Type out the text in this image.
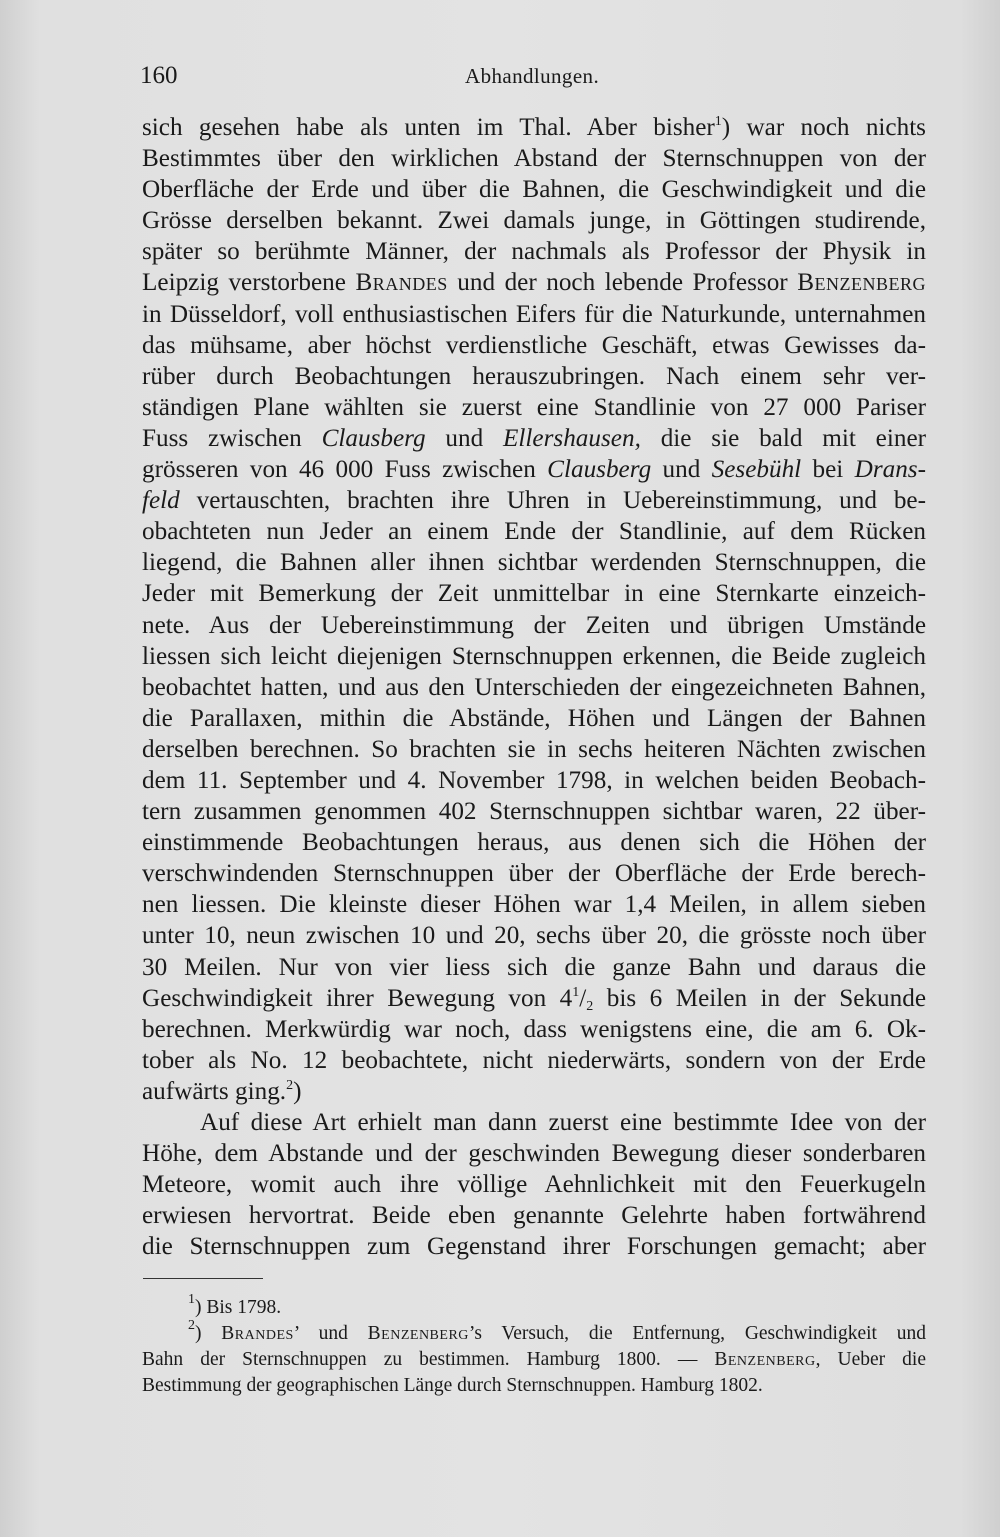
160	Abhandlungen.
sich gesehen habe als unten im Thal. Aber bisher$^1$) war noch nichts
Bestimmtes über den wirklichen Abstand der Sternschnuppen von der
Oberfläche der Erde und über die Bahnen, die Geschwindigkeit und die
Grösse derselben bekannt. Zwei damals junge, in Göttingen studirende,
später so berühmte Männer, der nachmals als Professor der Physik in
Leipzig verstorbene Brandes und der noch lebende Professor Benzenberg
in Düsseldorf, voll enthusiastischen Eifers für die Naturkunde, unternahmen
das mühsame, aber höchst verdienstliche Geschäft, etwas Gewisses da-
rüber durch Beobachtungen herauszubringen. Nach einem sehr ver-
ständigen Plane wählten sie zuerst eine Standlinie von 27 000 Pariser
Fuss zwischen Clausberg und Ellershausen, die sie bald mit einer
grösseren von 46 000 Fuss zwischen Clausberg und Sesebühl bei Drans-
feld vertauschten, brachten ihre Uhren in Uebereinstimmung, und be-
obachteten nun Jeder an einem Ende der Standlinie, auf dem Rücken
liegend, die Bahnen aller ihnen sichtbar werdenden Sternschnuppen, die
Jeder mit Bemerkung der Zeit unmittelbar in eine Sternkarte einzeich-
nete. Aus der Uebereinstimmung der Zeiten und übrigen Umstände
liessen sich leicht diejenigen Sternschnuppen erkennen, die Beide zugleich
beobachtet hatten, und aus den Unterschieden der eingezeichneten Bahnen,
die Parallaxen, mithin die Abstände, Höhen und Längen der Bahnen
derselben berechnen. So brachten sie in sechs heiteren Nächten zwischen
dem 11. September und 4. November 1798, in welchen beiden Beobach-
tern zusammen genommen 402 Sternschnuppen sichtbar waren, 22 über-
einstimmende Beobachtungen heraus, aus denen sich die Höhen der
verschwindenden Sternschnuppen über der Oberfläche der Erde berech-
nen liessen. Die kleinste dieser Höhen war 1,4 Meilen, in allem sieben
unter 10, neun zwischen 10 und 20, sechs über 20, die grösste noch über
30 Meilen. Nur von vier liess sich die ganze Bahn und daraus die
Geschwindigkeit ihrer Bewegung von $4^1/_2$ bis 6 Meilen in der Sekunde
berechnen. Merkwürdig war noch, dass wenigstens eine, die am 6. Ok-
tober als No. 12 beobachtete, nicht niederwärts, sondern von der Erde
aufwärts ging.$^2$)
Auf diese Art erhielt man dann zuerst eine bestimmte Idee von der
Höhe, dem Abstande und der geschwinden Bewegung dieser sonderbaren
Meteore, womit auch ihre völlige Aehnlichkeit mit den Feuerkugeln
erwiesen hervortrat. Beide eben genannte Gelehrte haben fortwährend
die Sternschnuppen zum Gegenstand ihrer Forschungen gemacht; aber
$^1$) Bis 1798.
$^2$) Brandes’ und Benzenberg’s Versuch, die Entfernung, Geschwindigkeit und
Bahn der Sternschnuppen zu bestimmen. Hamburg 1800. — Benzenberg, Ueber die
Bestimmung der geographischen Länge durch Sternschnuppen. Hamburg 1802.
